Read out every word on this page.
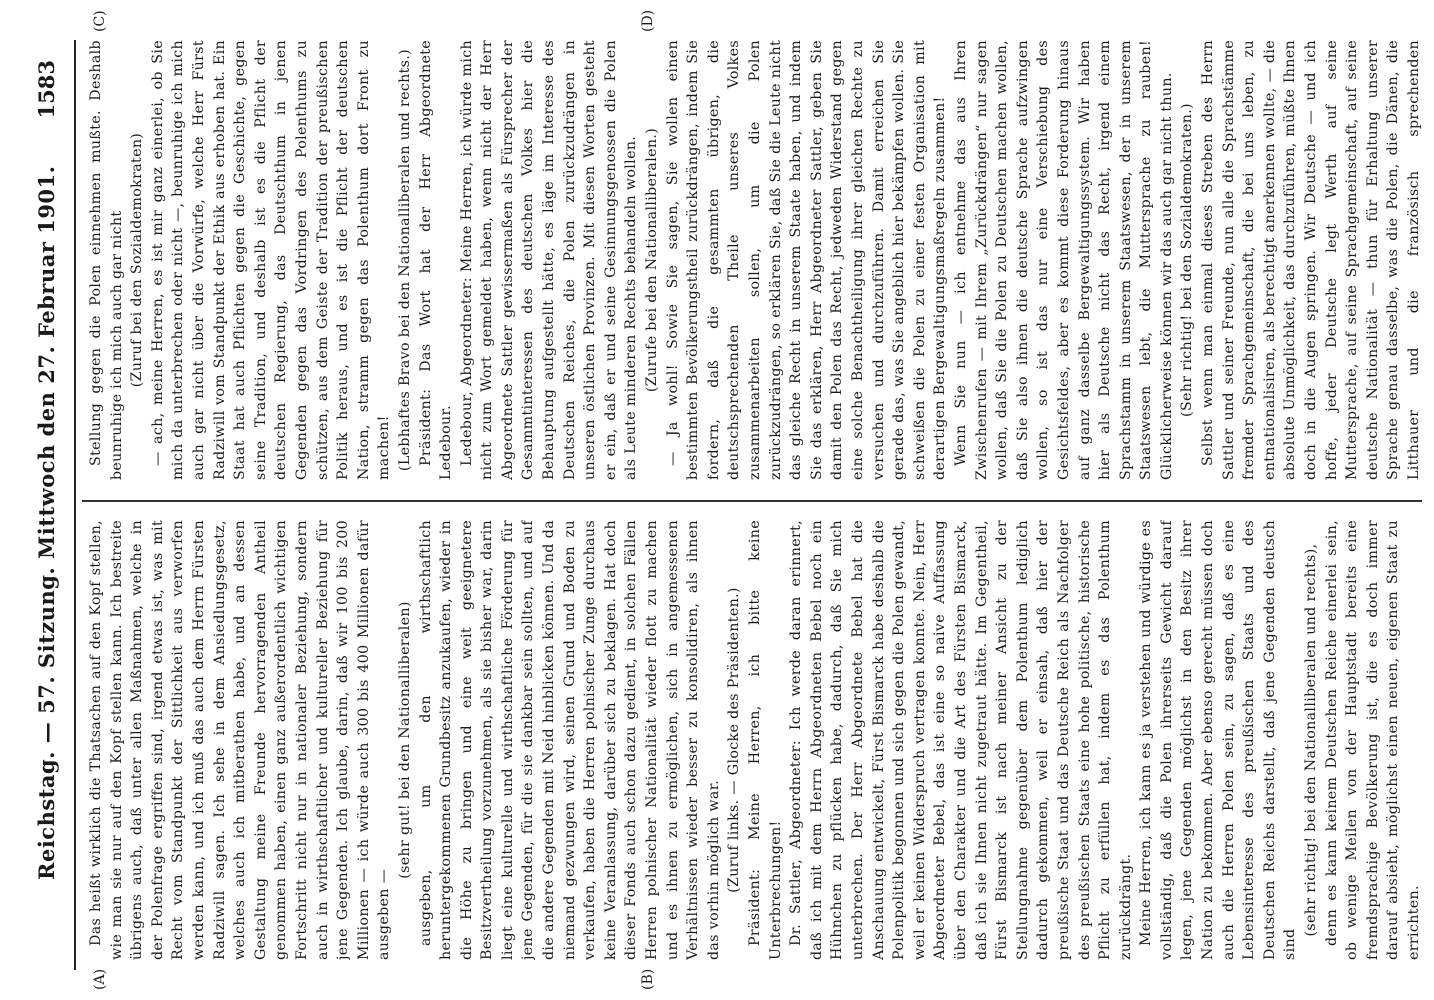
Reichstag. — 57. Sitzung. Mittwoch den 27. Februar 1901.
1583
(A)	(B)
(C)	(D)

Das heißt wirklich die Thatsachen auf den Kopf stellen, wie man sie nur auf den Kopf stellen kann. Ich bestreite übrigens auch, daß unter allen Maßnahmen, welche in der Polenfrage ergriffen sind, irgend etwas ist, was mit Recht vom Standpunkt der Sittlichkeit aus verworfen werden kann, und ich muß das auch dem Herrn Fürsten Radziwill sagen. Ich sehe in dem Ansiedlungsgesetz, welches auch ich mitberathen habe, und an dessen Gestaltung meine Freunde hervorragenden Antheil genommen haben, einen ganz außerordentlich wichtigen Fortschritt nicht nur in nationaler Beziehung, sondern auch in wirthschaftlicher und kultureller Beziehung für jene Gegenden. Ich glaube, darin, daß wir 100 bis 200 Millionen — ich würde auch 300 bis 400 Millionen dafür ausgeben —

(sehr gut! bei den Nationalliberalen) ausgeben, um den wirthschaftlich heruntergekommenen Grundbesitz anzukaufen, wieder in die Höhe zu bringen und eine weit geeignetere Besitzvertheilung vorzunehmen, als sie bisher war, darin liegt eine kulturelle und wirthschaftliche Förderung für jene Gegenden, für die sie dankbar sein sollten, und auf die andere Gegenden mit Neid hinblicken können. Und da niemand gezwungen wird, seinen Grund und Boden zu verkaufen, haben die Herren polnischer Zunge durchaus keine Veranlassung, darüber sich zu beklagen. Hat doch dieser Fonds auch schon dazu gedient, in solchen Fällen Herren polnischer Nationalität wieder flott zu machen und es ihnen zu ermöglichen, sich in angemessenen Verhältnissen wieder besser zu konsolidiren, als ihnen das vorhin möglich war. (Zuruf links. — Glocke des Präsidenten.) Präsident: Meine Herren, ich bitte keine Unterbrechungen! Dr. Sattler, Abgeordneter: Ich werde daran erinnert, daß ich mit dem Herrn Abgeordneten Bebel noch ein Hühnchen zu pflücken habe, dadurch, daß Sie mich unterbrechen. Der Herr Abgeordnete Bebel hat die Anschauung entwickelt, Fürst Bismarck habe deshalb die Polenpolitik begonnen und sich gegen die Polen gewandt, weil er keinen Widerspruch vertragen konnte. Nein, Herr Abgeordneter Bebel, das ist eine so naive Auffassung über den Charakter und die Art des Fürsten Bismarck, daß ich sie Ihnen nicht zugetraut hätte. Im Gegentheil, Fürst Bismarck ist nach meiner Ansicht zu der Stellungnahme gegenüber dem Polenthum lediglich dadurch gekommen, weil er einsah, daß hier der preußische Staat und das Deutsche Reich als Nachfolger des preußischen Staats eine hohe politische, historische Pflicht zu erfüllen hat, indem es das Polenthum zurückdrängt. Meine Herren, ich kann es ja verstehen und würdige es vollständig, daß die Polen ihrerseits Gewicht darauf legen, jene Gegenden möglichst in den Besitz ihrer Nation zu bekommen. Aber ebenso gerecht müssen doch auch die Herren Polen sein, zu sagen, daß es eine Lebensinteresse des preußischen Staats und des Deutschen Reichs darstellt, daß jene Gegenden deutsch sind

(sehr richtig! bei den Nationalliberalen und rechts), denn es kann keinem Deutschen Reiche einerlei sein, ob wenige Meilen von der Hauptstadt bereits eine fremdsprachige Bevölkerung ist, die es doch immer darauf absieht, möglichst einen neuen, eigenen Staat zu errichten.

Stellung gegen die Polen einnehmen mußte. Deshalb beunruhige ich mich auch gar nicht (Zuruf bei den Sozialdemokraten) — ach, meine Herren, es ist mir ganz einerlei, ob Sie mich da unterbrechen oder nicht —, beunruhige ich mich auch gar nicht über die Vorwürfe, welche Herr Fürst Radziwill vom Standpunkt der Ethik aus erhoben hat. Ein Staat hat auch Pflichten gegen die Geschichte, gegen seine Tradition, und deshalb ist es die Pflicht der deutschen Regierung, das Deutschthum in jenen Gegenden gegen das Vordringen des Polenthums zu schützen, aus dem Geiste der Tradition der preußischen Politik heraus, und es ist die Pflicht der deutschen Nation, stramm gegen das Polenthum dort Front zu machen! (Lebhaftes Bravo bei den Nationalliberalen und rechts.) Präsident: Das Wort hat der Herr Abgeordnete Ledebour. Ledebour, Abgeordneter: Meine Herren, ich würde mich nicht zum Wort gemeldet haben, wenn nicht der Herr Abgeordnete Sattler gewissermaßen als Fürsprecher der Gesammtinteressen des deutschen Volkes hier die Behauptung aufgestellt hätte, es läge im Interesse des Deutschen Reiches, die Polen zurückzudrängen in unseren östlichen Provinzen. Mit diesen Worten gesteht er ein, daß er und seine Gesinnungsgenossen die Polen als Leute minderen Rechts behandeln wollen. (Zurufe bei den Nationalliberalen.) — Ja wohl! Sowie Sie sagen, Sie wollen einen bestimmten Bevölkerungstheil zurückdrängen, indem Sie fordern, daß die gesammten übrigen, die deutschsprechenden Theile unseres Volkes zusammenarbeiten sollen, um die Polen zurückzudrängen, so erklären Sie, daß Sie die Leute nicht das gleiche Recht in unserem Staate haben, und indem Sie das erklären, Herr Abgeordneter Sattler, geben Sie damit den Polen das Recht, jedweden Widerstand gegen eine solche Benachtheiligung ihrer gleichen Rechte zu versuchen und durchzuführen. Damit erreichen Sie gerade das, was Sie angeblich hier bekämpfen wollen. Sie schweißen die Polen zu einer festen Organisation mit derartigen Bergewaltigungsmaßregeln zusammen! Wenn Sie nun — ich entnehme das aus Ihren Zwischenrufen — mit Ihrem „Zurückdrängen“ nur sagen wollen, daß Sie die Polen zu Deutschen machen wollen, daß Sie also ihnen die deutsche Sprache aufzwingen wollen, so ist das nur eine Verschiebung des Gesichtsfeldes, aber es kommt diese Forderung hinaus auf ganz dasselbe Bergewaltigungssystem. Wir haben hier als Deutsche nicht das Recht, irgend einem Sprachstamm in unserem Staatswesen, der in unserem Staatswesen lebt, die Muttersprache zu rauben! Glücklicherweise können wir das auch gar nicht thun. (Sehr richtig! bei den Sozialdemokraten.)

Selbst wenn man einmal dieses Streben des Herrn Sattler und seiner Freunde, nun alle die Sprachstämme fremder Sprachgemeinschaft, die bei uns leben, zu entnationalisiren, als berechtigt anerkennen wollte, — die absolute Unmöglichkeit, das durchzuführen, müßte Ihnen doch in die Augen springen. Wir Deutsche — und ich hoffe, jeder Deutsche legt Werth auf seine Muttersprache, auf seine Sprachgemeinschaft, auf seine deutsche Nationalität — thun für Erhaltung unserer Sprache genau dasselbe, was die Polen, die Dänen, die Litthauer und die französisch sprechenden
